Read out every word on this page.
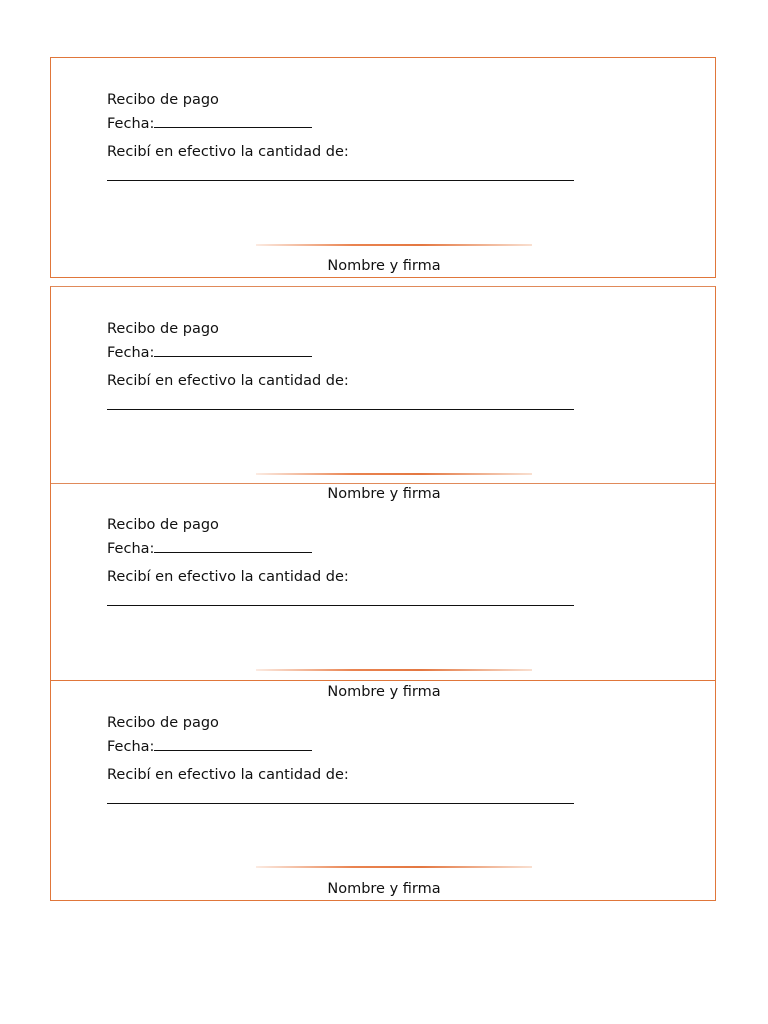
Recibo de pago
Fecha:
Recibí en efectivo la cantidad de:
Nombre y firma
Recibo de pago
Fecha:
Recibí en efectivo la cantidad de:
Nombre y firma
Recibo de pago
Fecha:
Recibí en efectivo la cantidad de:
Nombre y firma
Recibo de pago
Fecha:
Recibí en efectivo la cantidad de:
Nombre y firma
